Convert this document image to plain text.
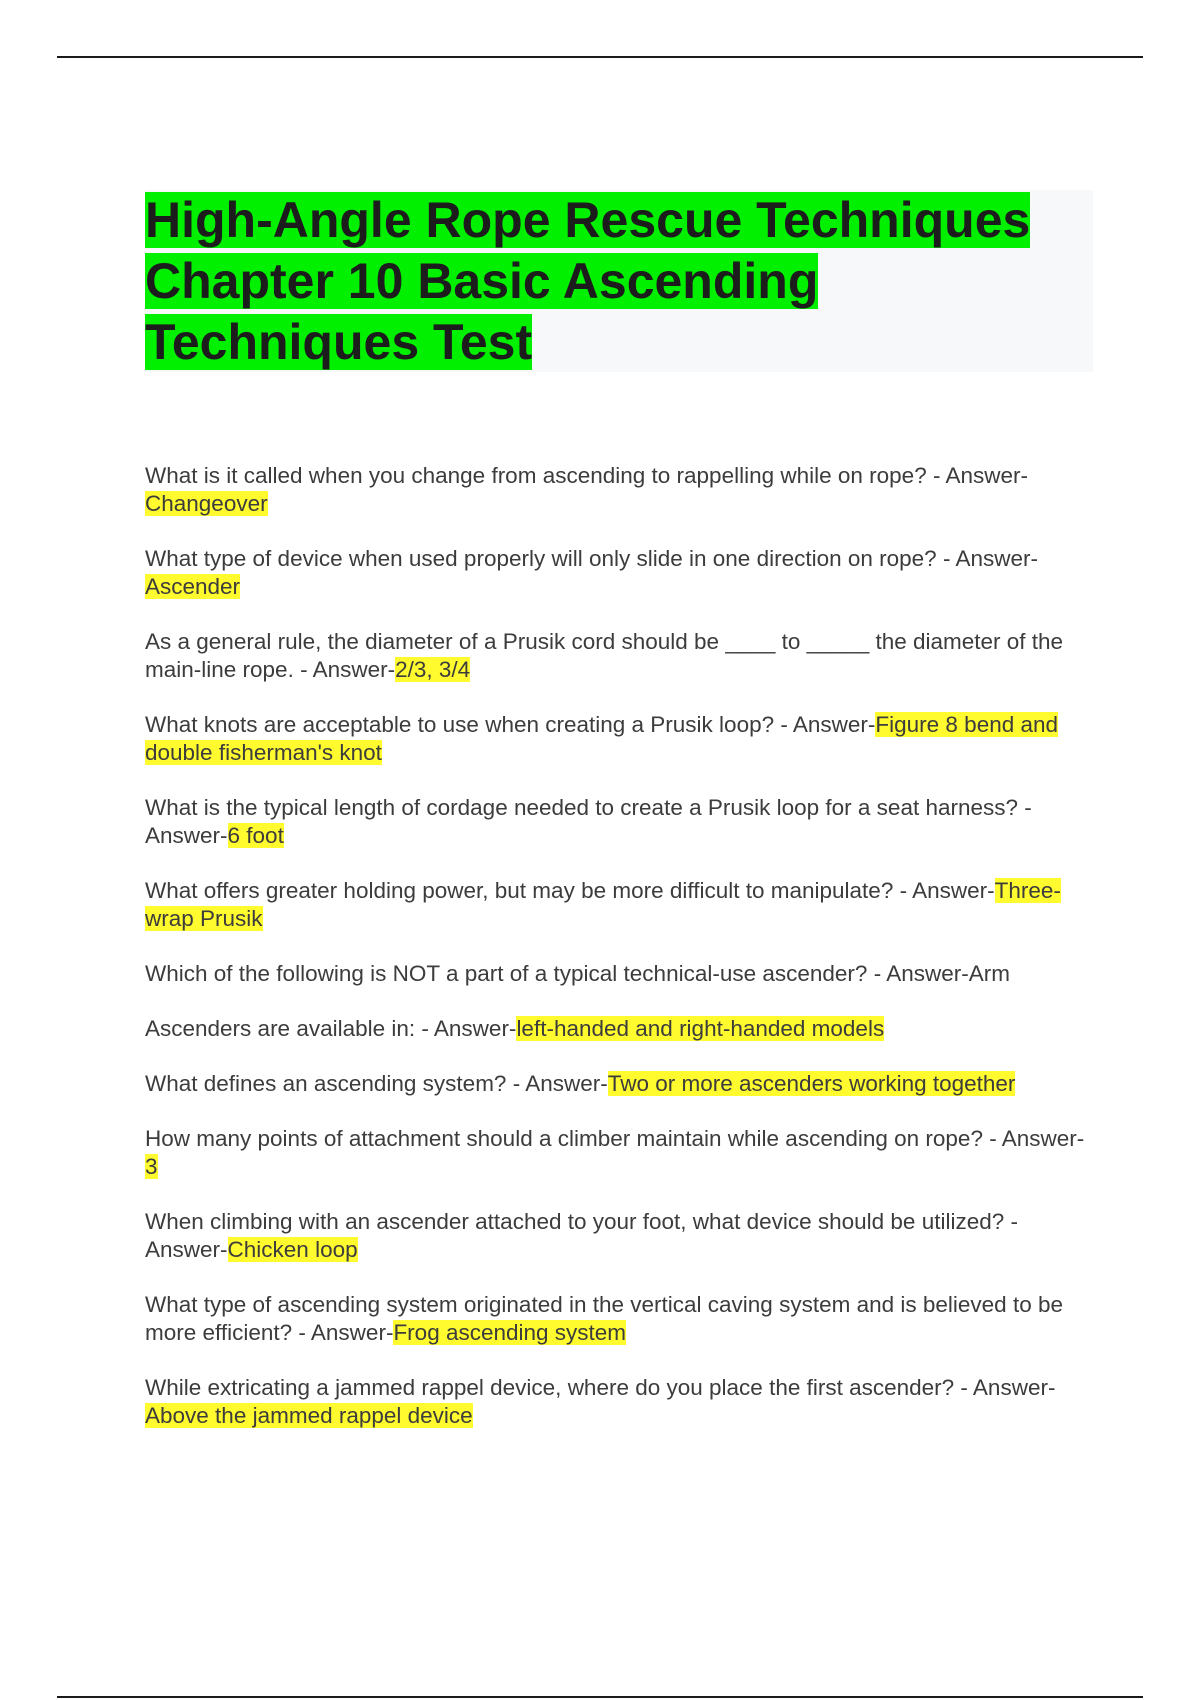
High-Angle Rope Rescue Techniques
Chapter 10 Basic Ascending
Techniques Test

What is it called when you change from ascending to rappelling while on rope? - Answer-Changeover

What type of device when used properly will only slide in one direction on rope? - Answer-Ascender

As a general rule, the diameter of a Prusik cord should be ____ to _____ the diameter of the main-line rope. - Answer-2/3, 3/4

What knots are acceptable to use when creating a Prusik loop? - Answer-Figure 8 bend and double fisherman's knot

What is the typical length of cordage needed to create a Prusik loop for a seat harness? - Answer-6 foot

What offers greater holding power, but may be more difficult to manipulate? - Answer-Three-wrap Prusik

Which of the following is NOT a part of a typical technical-use ascender? - Answer-Arm

Ascenders are available in: - Answer-left-handed and right-handed models

What defines an ascending system? - Answer-Two or more ascenders working together

How many points of attachment should a climber maintain while ascending on rope? - Answer-3

When climbing with an ascender attached to your foot, what device should be utilized? - Answer-Chicken loop

What type of ascending system originated in the vertical caving system and is believed to be more efficient? - Answer-Frog ascending system

While extricating a jammed rappel device, where do you place the first ascender? - Answer-Above the jammed rappel device
